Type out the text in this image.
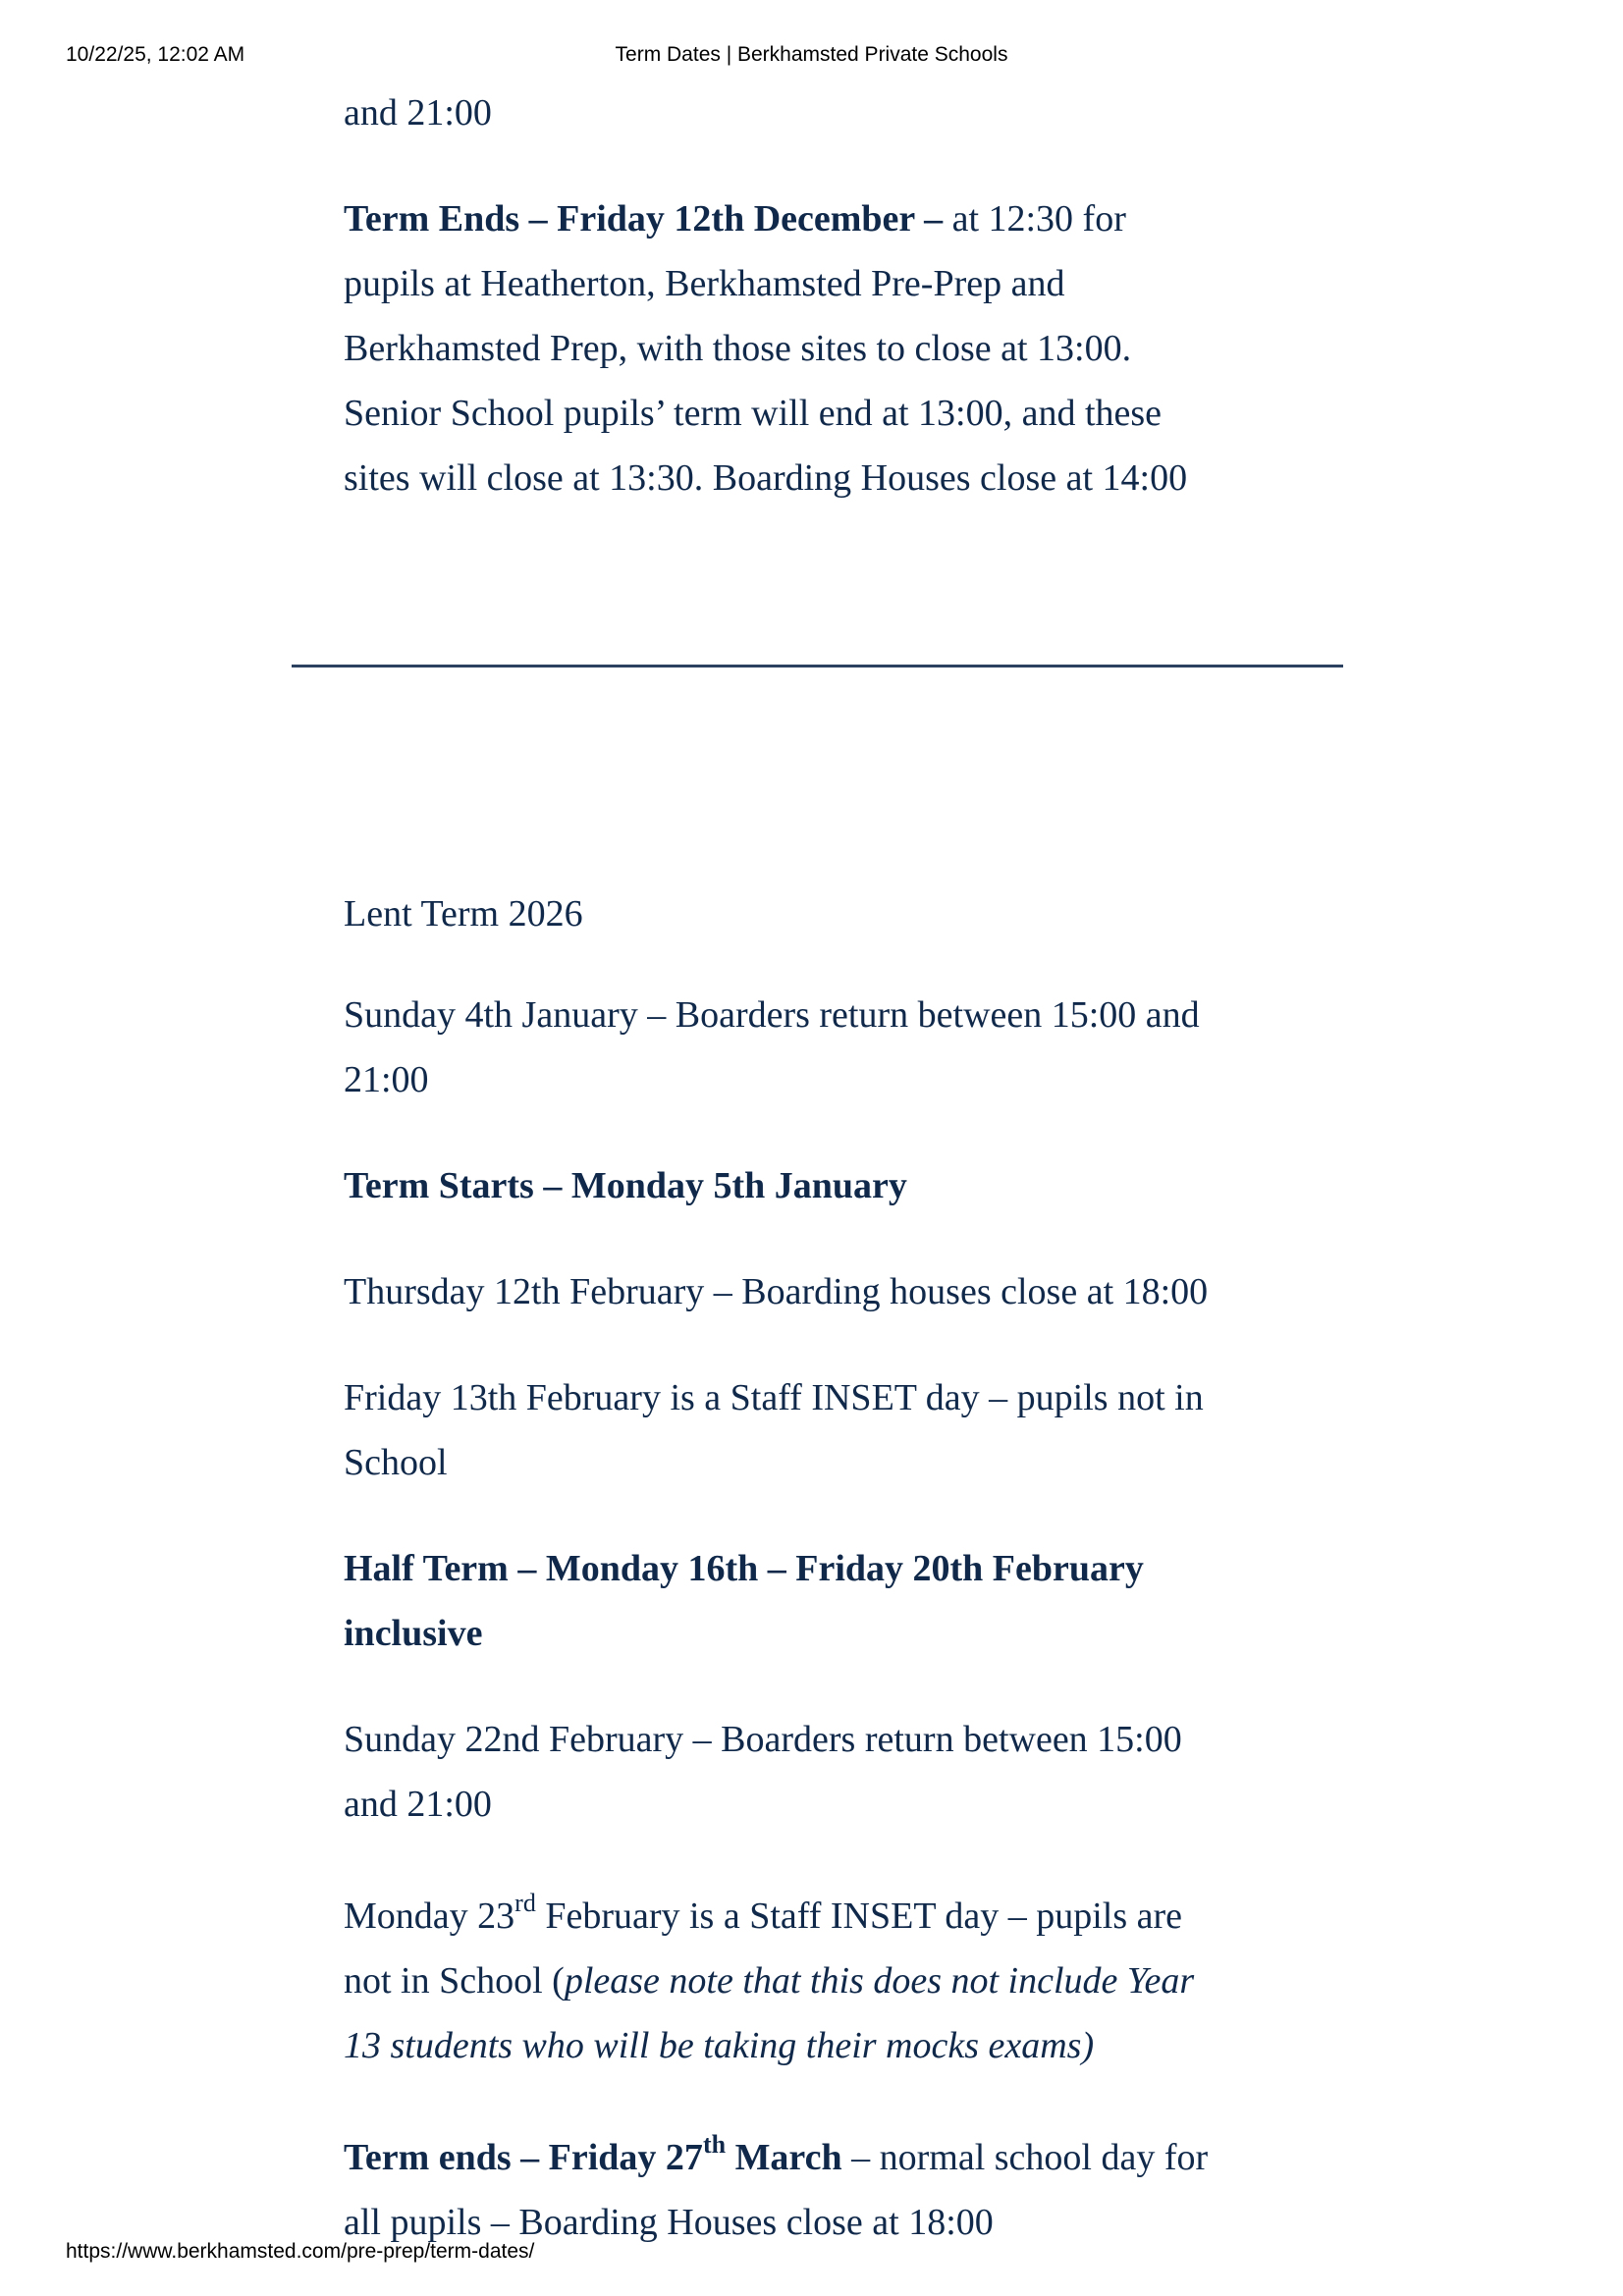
10/22/25, 12:02 AM	Term Dates | Berkhamsted Private Schools

and 21:00

Term Ends – Friday 12th December – at 12:30 for
pupils at Heatherton, Berkhamsted Pre-Prep and
Berkhamsted Prep, with those sites to close at 13:00.
Senior School pupils’ term will end at 13:00, and these
sites will close at 13:30. Boarding Houses close at 14:00

Lent Term 2026

Sunday 4th January – Boarders return between 15:00 and
21:00

Term Starts – Monday 5th January

Thursday 12th February – Boarding houses close at 18:00

Friday 13th February is a Staff INSET day – pupils not in
School

Half Term – Monday 16th – Friday 20th February
inclusive

Sunday 22nd February – Boarders return between 15:00
and 21:00

Monday 23rd February is a Staff INSET day – pupils are
not in School (please note that this does not include Year
13 students who will be taking their mocks exams)

Term ends – Friday 27th March – normal school day for
all pupils – Boarding Houses close at 18:00

https://www.berkhamsted.com/pre-prep/term-dates/
